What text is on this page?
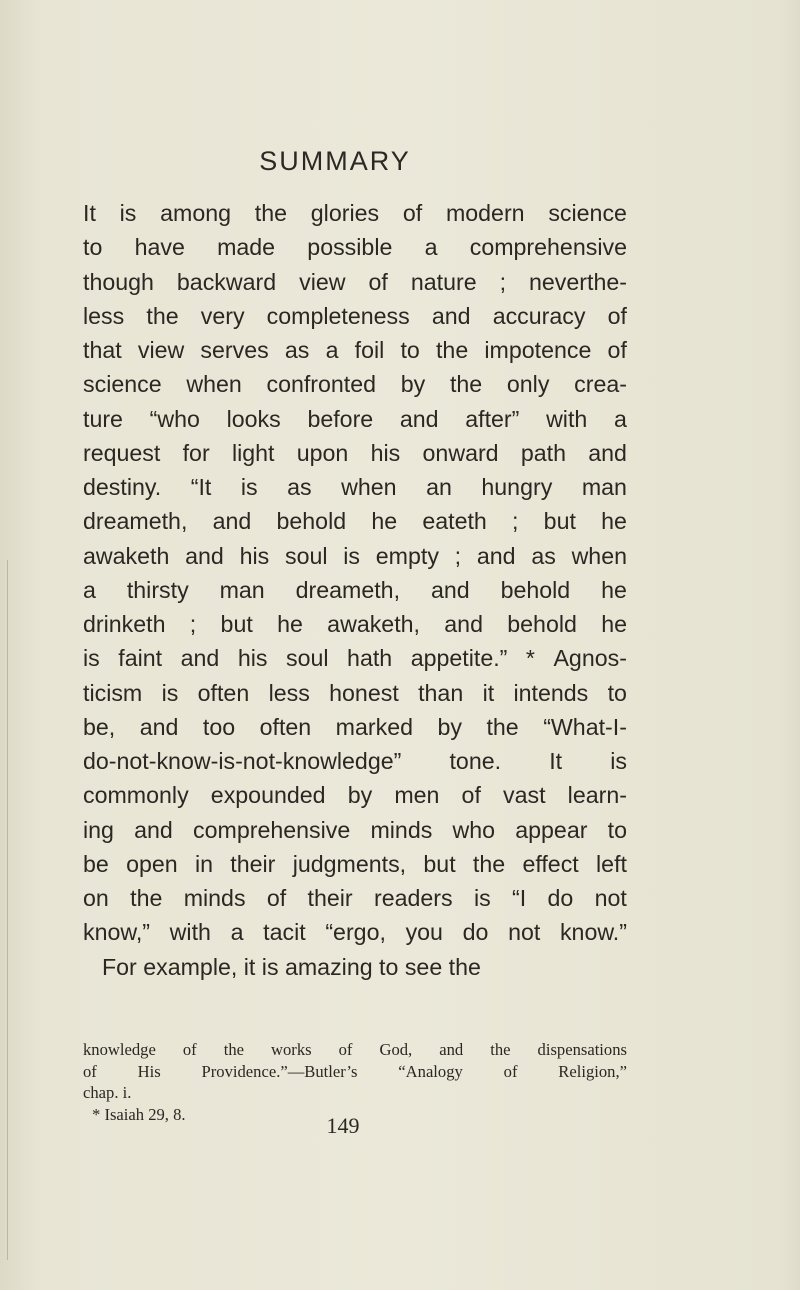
SUMMARY
It is among the glories of modern science
to have made possible a comprehensive
though backward view of nature ; neverthe-
less the very completeness and accuracy of
that view serves as a foil to the impotence of
science when confronted by the only crea-
ture “who looks before and after” with a
request for light upon his onward path and
destiny. “It is as when an hungry man
dreameth, and behold he eateth ; but he
awaketh and his soul is empty ; and as when
a thirsty man dreameth, and behold he
drinketh ; but he awaketh, and behold he
is faint and his soul hath appetite.” * Agnos-
ticism is often less honest than it intends to
be, and too often marked by the “What-I-
do-not-know-is-not-knowledge” tone. It is
commonly expounded by men of vast learn-
ing and comprehensive minds who appear to
be open in their judgments, but the effect left
on the minds of their readers is “I do not
know,” with a tacit “ergo, you do not know.”
For example, it is amazing to see the
knowledge of the works of God, and the dispensations
of His Providence.”—Butler’s “Analogy of Religion,”
chap. i.
* Isaiah 29, 8.	149
